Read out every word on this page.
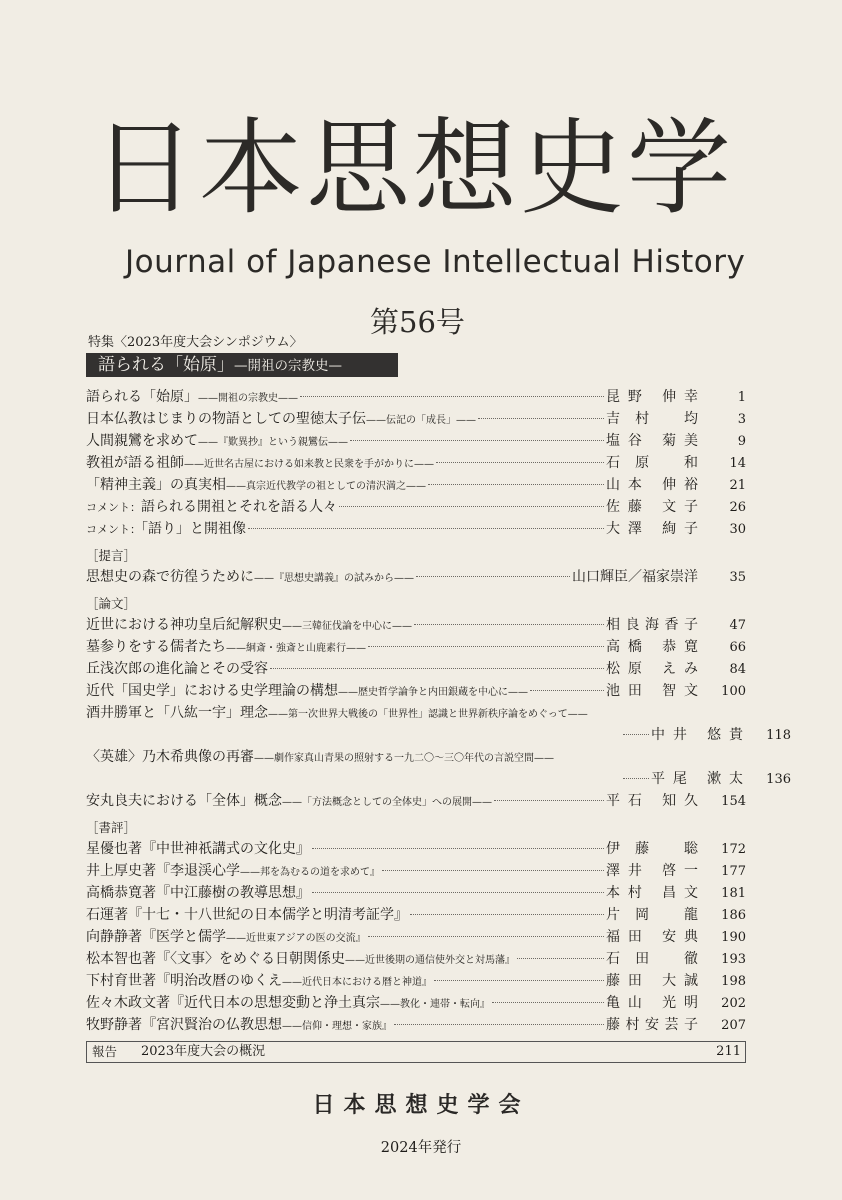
日本思想史学
Journal of Japanese Intellectual History
第56号
特集〈2023年度大会シンポジウム〉
語られる「始原」—開祖の宗教史—
語られる「始原」——開祖の宗教史——	昆野 伸幸	1
日本仏教はじまりの物語としての聖徳太子伝——伝記の「成長」——	吉村 均	3
人間親鸞を求めて——『歎異抄』という親鸞伝——	塩谷 菊美	9
教祖が語る祖師——近世名古屋における如来教と民衆を手がかりに——	石原 和	14
「精神主義」の真実相——真宗近代教学の祖としての清沢満之——	山本 伸裕	21
コメント：語られる開祖とそれを語る人々	佐藤 文子	26
コメント：「語り」と開祖像	大澤 絢子	30
［提言］
思想史の森で彷徨うために——『思想史講義』の試みから——	山口輝臣／福家崇洋	35
［論文］
近世における神功皇后紀解釈史——三韓征伐論を中心に——	相良海香子	47
墓参りをする儒者たち——絅斎・強斎と山鹿素行——	高橋 恭寛	66
丘浅次郎の進化論とその受容	松原 えみ	84
近代「国史学」における史学理論の構想——歴史哲学論争と内田銀蔵を中心に——	池田 智文	100
酒井勝軍と「八紘一宇」理念——第一次世界大戦後の「世界性」認識と世界新秩序論をめぐって——
中井 悠貴	118
〈英雄〉乃木希典像の再審——劇作家真山青果の照射する一九二〇～三〇年代の言説空間——
平尾 漱太	136
安丸良夫における「全体」概念——「方法概念としての全体史」への展開——	平石 知久	154
［書評］
星優也著『中世神祇講式の文化史』	伊藤 聡	172
井上厚史著『李退渓心学——邦を為むるの道を求めて』	澤井 啓一	177
高橋恭寛著『中江藤樹の教導思想』	本村 昌文	181
石運著『十七・十八世紀の日本儒学と明清考証学』	片岡 龍	186
向静静著『医学と儒学——近世東アジアの医の交流』	福田 安典	190
松本智也著『〈文事〉をめぐる日朝関係史——近世後期の通信使外交と対馬藩』	石田 徹	193
下村育世著『明治改暦のゆくえ——近代日本における暦と神道』	藤田 大誠	198
佐々木政文著『近代日本の思想変動と浄土真宗——教化・連帯・転向』	亀山 光明	202
牧野静著『宮沢賢治の仏教思想——信仰・理想・家族』	藤村安芸子	207
報告 2023年度大会の概況	211
日本思想史学会
2024年発行
